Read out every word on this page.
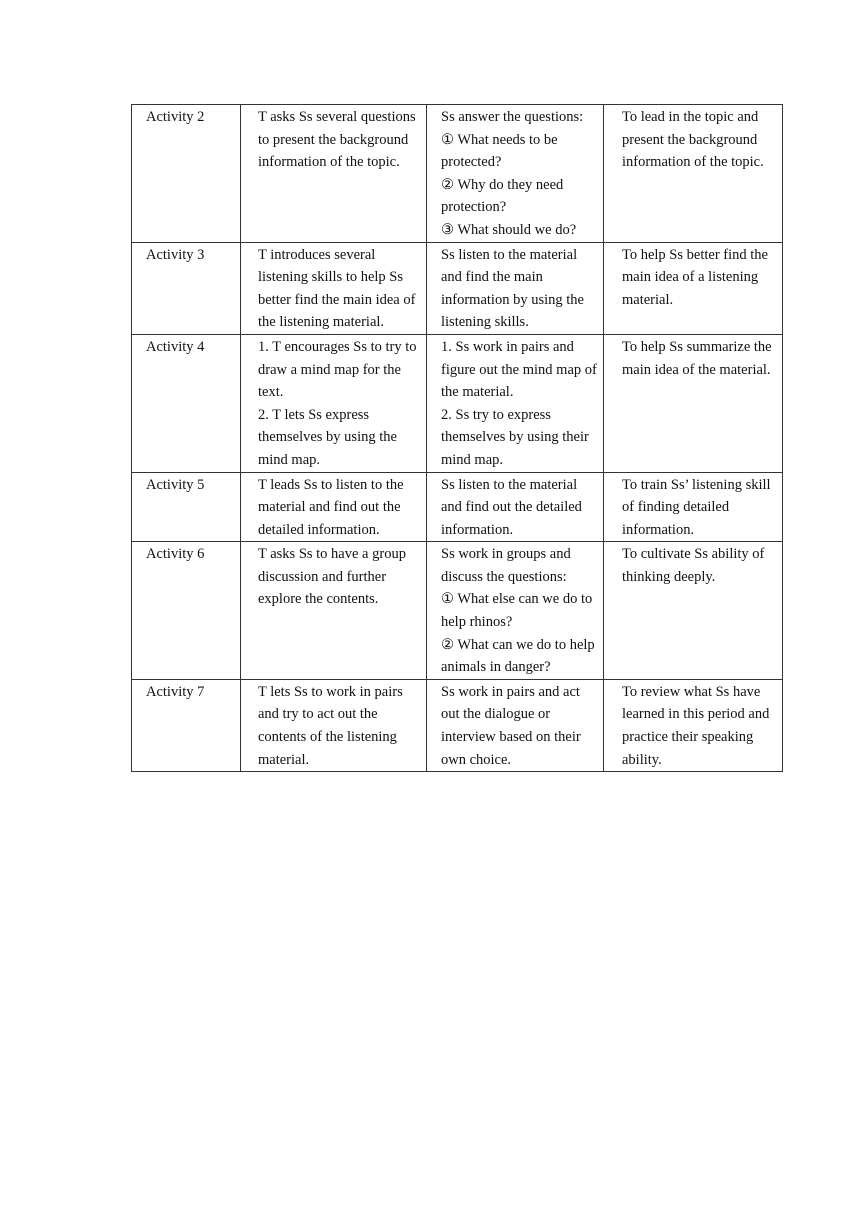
Activity 2	T asks Ss several questions to present the background information of the topic.	Ss answer the questions:
① What needs to be protected?
② Why do they need protection?
③ What should we do?	To lead in the topic and present the background information of the topic.
Activity 3	T introduces several listening skills to help Ss better find the main idea of the listening material.	Ss listen to the material and find the main information by using the listening skills.	To help Ss better find the main idea of a listening material.
Activity 4	1. T encourages Ss to try to draw a mind map for the text.
2. T lets Ss express themselves by using the mind map.	1. Ss work in pairs and figure out the mind map of the material.
2. Ss try to express themselves by using their mind map.	To help Ss summarize the main idea of the material.
Activity 5	T leads Ss to listen to the material and find out the detailed information.	Ss listen to the material and find out the detailed information.	To train Ss’ listening skill of finding detailed information.
Activity 6	T asks Ss to have a group discussion and further explore the contents.	Ss work in groups and discuss the questions:
① What else can we do to help rhinos?
② What can we do to help animals in danger?	To cultivate Ss ability of thinking deeply.
Activity 7	T lets Ss to work in pairs and try to act out the contents of the listening material.	Ss work in pairs and act out the dialogue or interview based on their own choice.	To review what Ss have learned in this period and practice their speaking ability.
